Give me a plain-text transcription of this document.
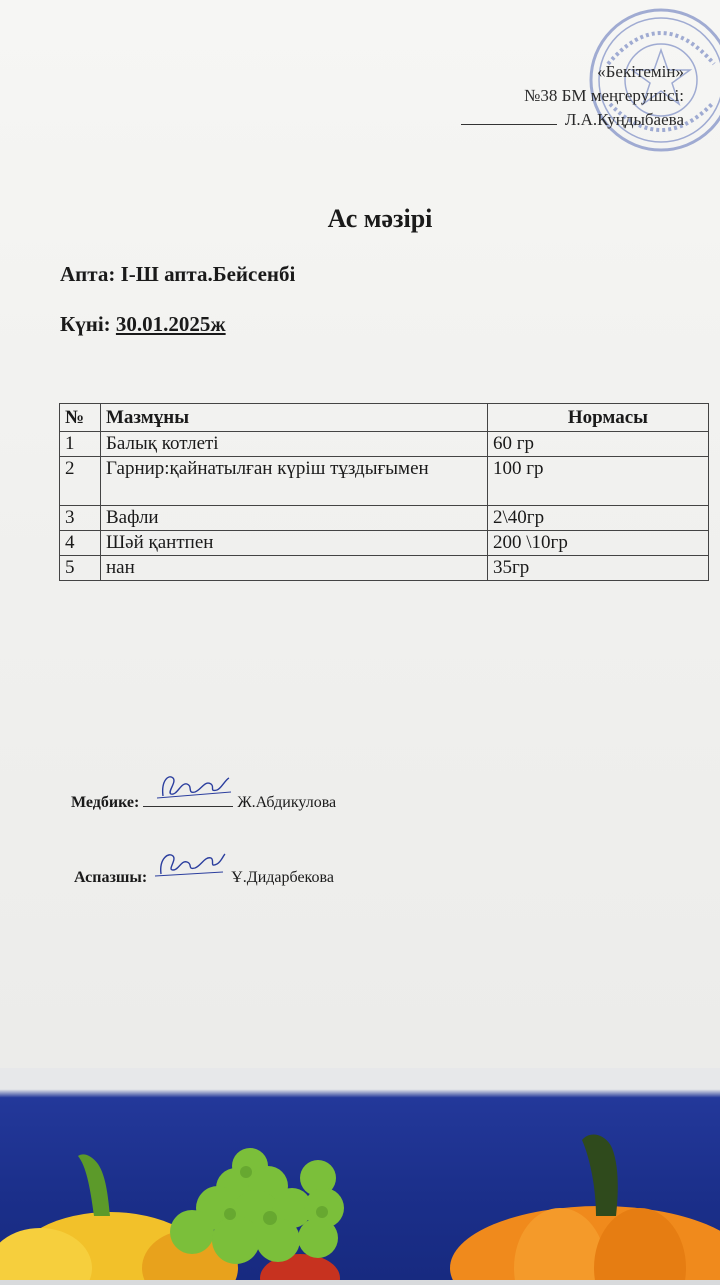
«Бекітемін»
№38 БМ меңгерушісі:
Л.А.Куңдыбаева
Ас мәзірі
Апта: І-Ш апта.Бейсенбі
Күні: 30.01.2025ж
№	Мазмұны	Нормасы
1	Балық котлеті	60 гр
2	Гарнир:қайнатылған күріш тұздығымен	100 гр
3	Вафли	2\40гр
4	Шәй қантпен	200 \10гр
5	нан	35гр
Медбике:	Ж.Абдикулова
Аспазшы:	Ұ.Дидарбекова
